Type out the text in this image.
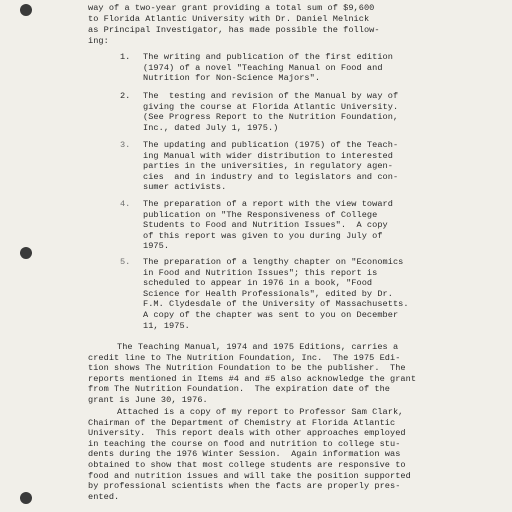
way of a two-year grant providing a total sum of $9,600
to Florida Atlantic University with Dr. Daniel Melnick
as Principal Investigator, has made possible the follow-
ing:
1. The writing and publication of the first edition
(1974) of a novel "Teaching Manual on Food and
Nutrition for Non-Science Majors".
2. The  testing and revision of the Manual by way of
giving the course at Florida Atlantic University.
(See Progress Report to the Nutrition Foundation,
Inc., dated July 1, 1975.)
3. The updating and publication (1975) of the Teach-
ing Manual with wider distribution to interested
parties in the universities, in regulatory agen-
cies  and in industry and to legislators and con-
sumer activists.
4. The preparation of a report with the view toward
publication on "The Responsiveness of College
Students to Food and Nutrition Issues".  A copy
of this report was given to you during July of
1975.
5. The preparation of a lengthy chapter on "Economics
in Food and Nutrition Issues"; this report is
scheduled to appear in 1976 in a book, "Food
Science for Health Professionals", edited by Dr.
F.M. Clydesdale of the University of Massachusetts.
A copy of the chapter was sent to you on December
11, 1975.
The Teaching Manual, 1974 and 1975 Editions, carries a
credit line to The Nutrition Foundation, Inc.  The 1975 Edi-
tion shows The Nutrition Foundation to be the publisher.  The
reports mentioned in Items #4 and #5 also acknowledge the grant
from The Nutrition Foundation.  The expiration date of the
grant is June 30, 1976.
Attached is a copy of my report to Professor Sam Clark,
Chairman of the Department of Chemistry at Florida Atlantic
University.  This report deals with other approaches employed
in teaching the course on food and nutrition to college stu-
dents during the 1976 Winter Session.  Again information was
obtained to show that most college students are responsive to
food and nutrition issues and will take the position supported
by professional scientists when the facts are properly pres-
ented.
